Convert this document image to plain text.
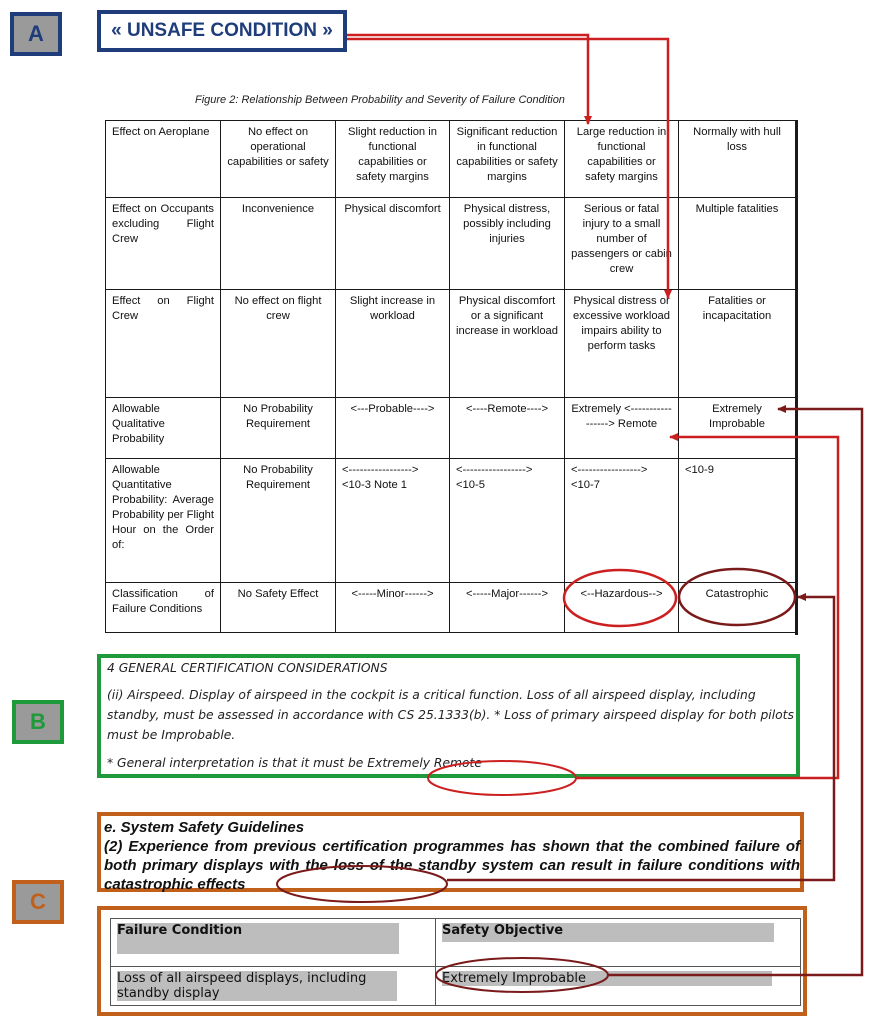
A
B
C
« UNSAFE CONDITION »
Figure 2: Relationship Between Probability and Severity of Failure Condition
Effect on Aeroplane	No effect on operational capabilities or safety	Slight reduction in functional capabilities or safety margins	Significant reduction in functional capabilities or safety margins	Large reduction in functional capabilities or safety margins	Normally with hull loss
Effect on Occupants excluding Flight Crew	Inconvenience	Physical discomfort	Physical distress, possibly including injuries	Serious or fatal injury to a small number of passengers or cabin crew	Multiple fatalities
Effect on Flight Crew	No effect on flight crew	Slight increase in workload	Physical discomfort or a significant increase in workload	Physical distress or excessive workload impairs ability to perform tasks	Fatalities or incapacitation
Allowable Qualitative Probability	No Probability Requirement	<---Probable---->	<----Remote---->	Extremely <-----------------> Remote	Extremely Improbable
Allowable Quantitative Probability: Average Probability per Flight Hour on the Order of:	No Probability Requirement	<-----------------> <10-3 Note 1	<-----------------> <10-5	<-----------------> <10-7	<10-9
Classification of Failure Conditions	No Safety Effect	<-----Minor------>	<-----Major------>	<--Hazardous-->	Catastrophic

4 GENERAL CERTIFICATION CONSIDERATIONS

(ii) Airspeed. Display of airspeed in the cockpit is a critical function. Loss of all airspeed display, including standby, must be assessed in accordance with CS 25.1333(b). * Loss of primary airspeed display for both pilots must be Improbable.

* General interpretation is that it must be Extremely Remote

e. System Safety Guidelines

(2) Experience from previous certification programmes has shown that the combined failure of both primary displays with the loss of the standby system can result in failure conditions with catastrophic effects

Failure Condition	Safety Objective
Loss of all airspeed displays, including standby display	Extremely Improbable
